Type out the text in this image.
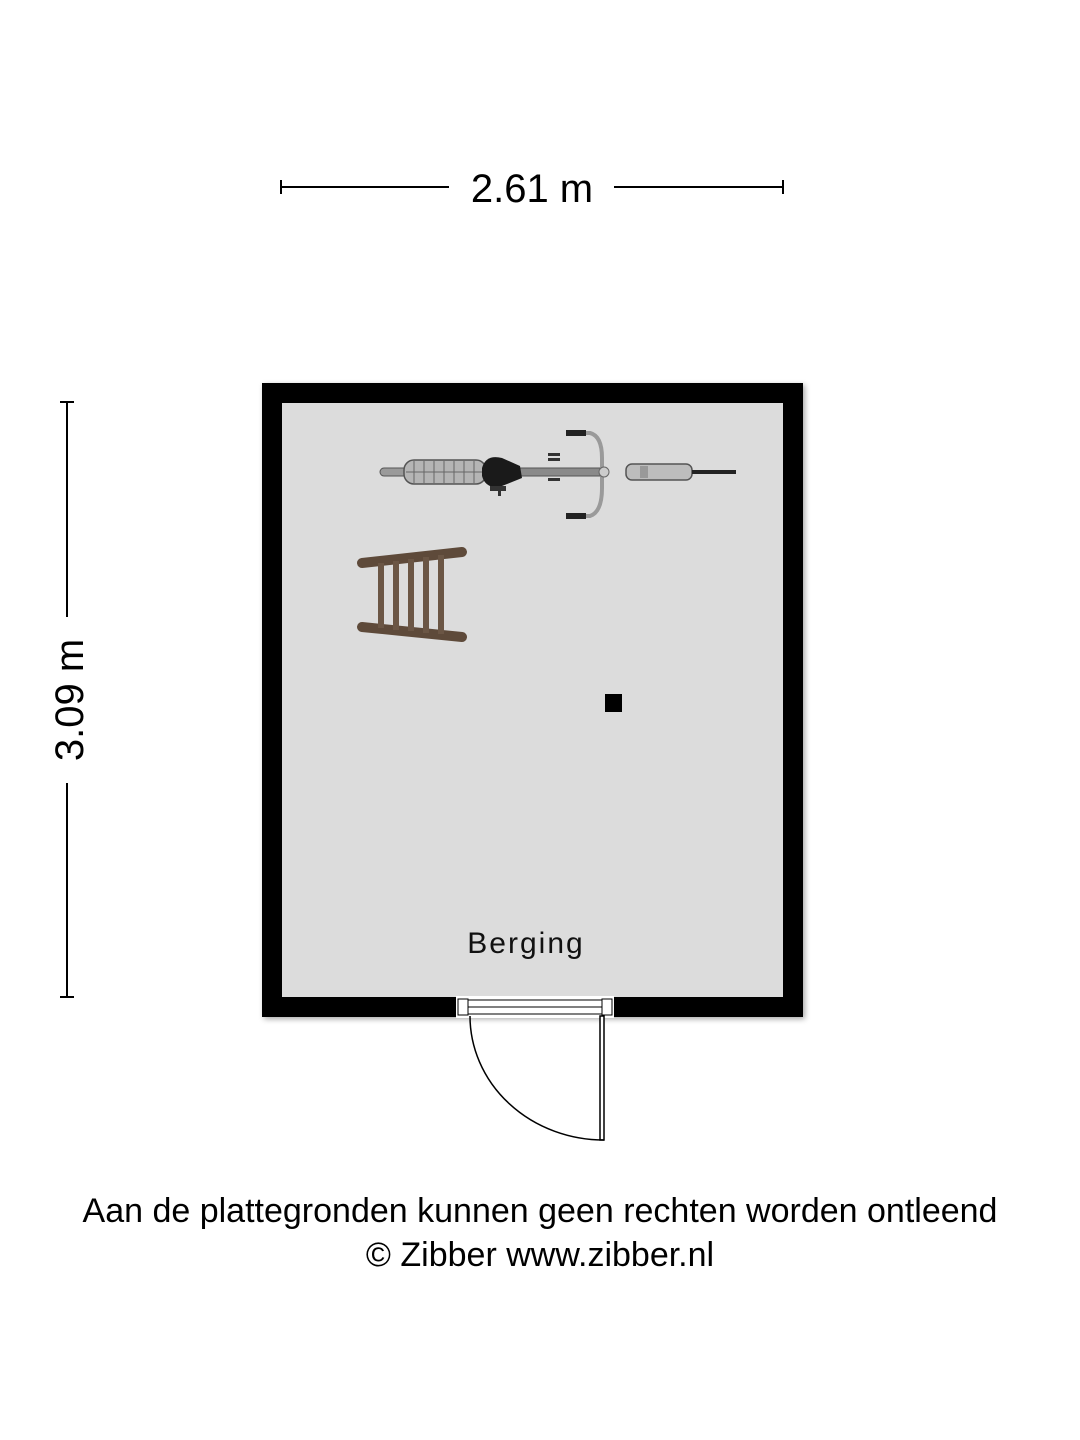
2.61 m
3.09 m
Berging
Aan de plattegronden kunnen geen rechten worden ontleend
© Zibber www.zibber.nl
